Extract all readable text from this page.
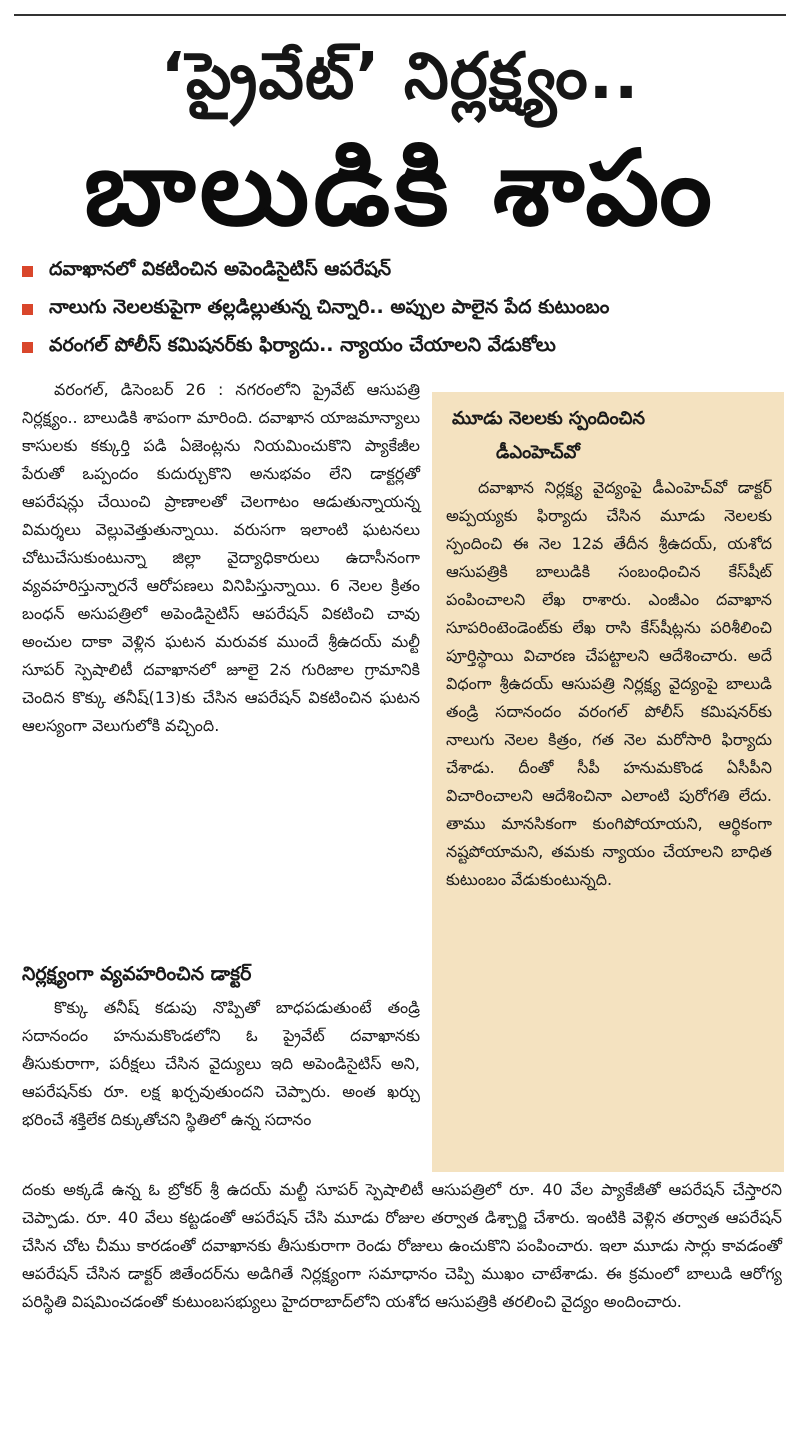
‘ప్రైవేట్’ నిర్లక్ష్యం..
బాలుడికి శాపం
దవాఖానలో వికటించిన అపెండిసైటిస్ ఆపరేషన్
నాలుగు నెలలకుపైగా తల్లడిల్లుతున్న చిన్నారి.. అప్పుల పాలైన పేద కుటుంబం
వరంగల్ పోలీస్ కమిషనర్‌కు ఫిర్యాదు.. న్యాయం చేయాలని వేడుకోలు

వరంగల్, డిసెంబర్ 26 : నగరంలోని ప్రైవేట్ ఆసుపత్రి నిర్లక్ష్యం.. బాలుడికి శాపంగా మారింది. దవాఖాన యాజమాన్యాలు కాసులకు కక్కుర్తి పడి ఏజెంట్లను నియమించుకొని ప్యాకేజీల పేరుతో ఒప్పందం కుదుర్చుకొని అనుభవం లేని డాక్టర్లతో ఆపరేషన్లు చేయించి ప్రాణాలతో చెలగాటం ఆడుతున్నాయన్న విమర్శలు వెల్లువెత్తుతున్నాయి. వరుసగా ఇలాంటి ఘటనలు చోటుచేసుకుంటున్నా జిల్లా వైద్యాధికారులు ఉదాసీనంగా వ్యవహరిస్తున్నారనే ఆరోపణలు వినిపిస్తున్నాయి. 6 నెలల క్రితం బంధన్ అసుపత్రిలో అపెండిసైటిస్ ఆపరేషన్ వికటించి చావు అంచుల దాకా వెళ్లిన ఘటన మరువక ముందే శ్రీఉదయ్ మల్టీ సూపర్ స్పెషాలిటీ దవాఖానలో జూలై 2న గురిజాల గ్రామానికి చెందిన కొక్కు తనీష్(13)కు చేసిన ఆపరేషన్ వికటించిన ఘటన ఆలస్యంగా వెలుగులోకి వచ్చింది.

నిర్లక్ష్యంగా వ్యవహరించిన డాక్టర్

కొక్కు తనీష్ కడుపు నొప్పితో బాధపడుతుంటే తండ్రి సదానందం హనుమకొండలోని ఓ ప్రైవేట్ దవాఖానకు తీసుకురాగా, పరీక్షలు చేసిన వైద్యులు ఇది అపెండిసైటిస్ అని, ఆపరేషన్‌కు రూ. లక్ష ఖర్చవుతుందని చెప్పారు. అంత ఖర్చు భరించే శక్తిలేక దిక్కుతోచని స్థితిలో ఉన్న సదానం

మూడు నెలలకు స్పందించిన
డీఎంహెచ్‌వో

దవాఖాన నిర్లక్ష్య వైద్యంపై డీఎంహెచ్‌వో డాక్టర్ అప్పయ్యకు ఫిర్యాదు చేసిన మూడు నెలలకు స్పందించి ఈ నెల 12వ తేదీన శ్రీఉదయ్, యశోద ఆసుపత్రికి బాలుడికి సంబంధించిన కేస్‌షీట్ పంపించాలని లేఖ రాశారు. ఎంజీఎం దవాఖాన సూపరింటెండెంట్‌కు లేఖ రాసి కేస్‌షీట్లను పరిశీలించి పూర్తిస్థాయి విచారణ చేపట్టాలని ఆదేశించారు. అదే విధంగా శ్రీఉదయ్ ఆసుపత్రి నిర్లక్ష్య వైద్యంపై బాలుడి తండ్రి సదానందం వరంగల్ పోలీస్ కమిషనర్‌కు నాలుగు నెలల కిత్రం, గత నెల మరోసారి ఫిర్యాదు చేశాడు. దీంతో సీపీ హనుమకొండ ఏసీపీని విచారించాలని ఆదేశించినా ఎలాంటి పురోగతి లేదు. తాము మానసికంగా కుంగిపోయాయని, ఆర్థికంగా నష్టపోయామని, తమకు న్యాయం చేయాలని బాధిత కుటుంబం వేడుకుంటున్నది.

దంకు అక్కడే ఉన్న ఓ బ్రోకర్ శ్రీ ఉదయ్ మల్టీ సూపర్ స్పెషాలిటీ ఆసుపత్రిలో రూ. 40 వేల ప్యాకేజీతో ఆపరేషన్ చేస్తారని చెప్పాడు. రూ. 40 వేలు కట్టడంతో ఆపరేషన్ చేసి మూడు రోజుల తర్వాత డిశ్చార్జి చేశారు. ఇంటికి వెళ్లిన తర్వాత ఆపరేషన్ చేసిన చోట చీము కారడంతో దవాఖానకు తీసుకురాగా రెండు రోజులు ఉంచుకొని పంపించారు. ఇలా మూడు సార్లు కావడంతో ఆపరేషన్ చేసిన డాక్టర్ జితేందర్‌ను అడిగితే నిర్లక్ష్యంగా సమాధానం చెప్పి ముఖం చాటేశాడు. ఈ క్రమంలో బాలుడి ఆరోగ్య పరిస్థితి విషమించడంతో కుటుంబసభ్యులు హైదరాబాద్‌లోని యశోద ఆసుపత్రికి తరలించి వైద్యం అందించారు.
